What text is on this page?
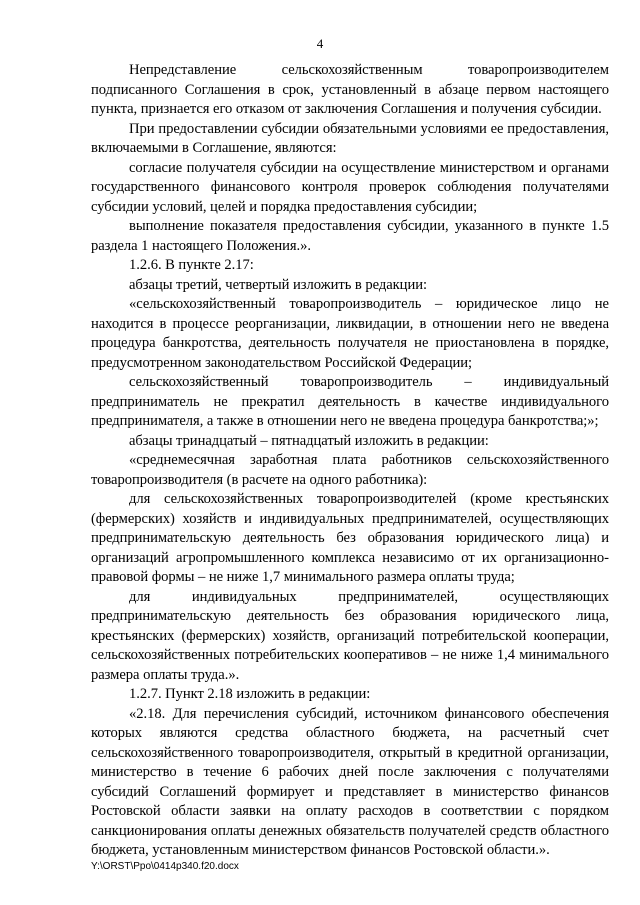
4

Непредставление сельскохозяйственным товаропроизводителем подписанного Соглашения в срок, установленный в абзаце первом настоящего пункта, признается его отказом от заключения Соглашения и получения субсидии.

При предоставлении субсидии обязательными условиями ее предоставления, включаемыми в Соглашение, являются:

согласие получателя субсидии на осуществление министерством и органами государственного финансового контроля проверок соблюдения получателями субсидии условий, целей и порядка предоставления субсидии;

выполнение показателя предоставления субсидии, указанного в пункте 1.5 раздела 1 настоящего Положения.».

1.2.6. В пункте 2.17:

абзацы третий, четвертый изложить в редакции:

«сельскохозяйственный товаропроизводитель – юридическое лицо не находится в процессе реорганизации, ликвидации, в отношении него не введена процедура банкротства, деятельность получателя не приостановлена в порядке, предусмотренном законодательством Российской Федерации;

сельскохозяйственный товаропроизводитель – индивидуальный предприниматель не прекратил деятельность в качестве индивидуального предпринимателя, а также в отношении него не введена процедура банкротства;»;

абзацы тринадцатый – пятнадцатый изложить в редакции:

«среднемесячная заработная плата работников сельскохозяйственного товаропроизводителя (в расчете на одного работника):

для сельскохозяйственных товаропроизводителей (кроме крестьянских (фермерских) хозяйств и индивидуальных предпринимателей, осуществляющих предпринимательскую деятельность без образования юридического лица) и организаций агропромышленного комплекса независимо от их организационно-правовой формы – не ниже 1,7 минимального размера оплаты труда;

для индивидуальных предпринимателей, осуществляющих предпринимательскую деятельность без образования юридического лица, крестьянских (фермерских) хозяйств, организаций потребительской кооперации, сельскохозяйственных потребительских кооперативов – не ниже 1,4 минимального размера оплаты труда.».

1.2.7. Пункт 2.18 изложить в редакции:

«2.18. Для перечисления субсидий, источником финансового обеспечения которых являются средства областного бюджета, на расчетный счет сельскохозяйственного товаропроизводителя, открытый в кредитной организации, министерство в течение 6 рабочих дней после заключения с получателями субсидий Соглашений формирует и представляет в министерство финансов Ростовской области заявки на оплату расходов в соответствии с порядком санкционирования оплаты денежных обязательств получателей средств областного бюджета, установленным министерством финансов Ростовской области.».

Y:\ORST\Ppo\0414p340.f20.docx
